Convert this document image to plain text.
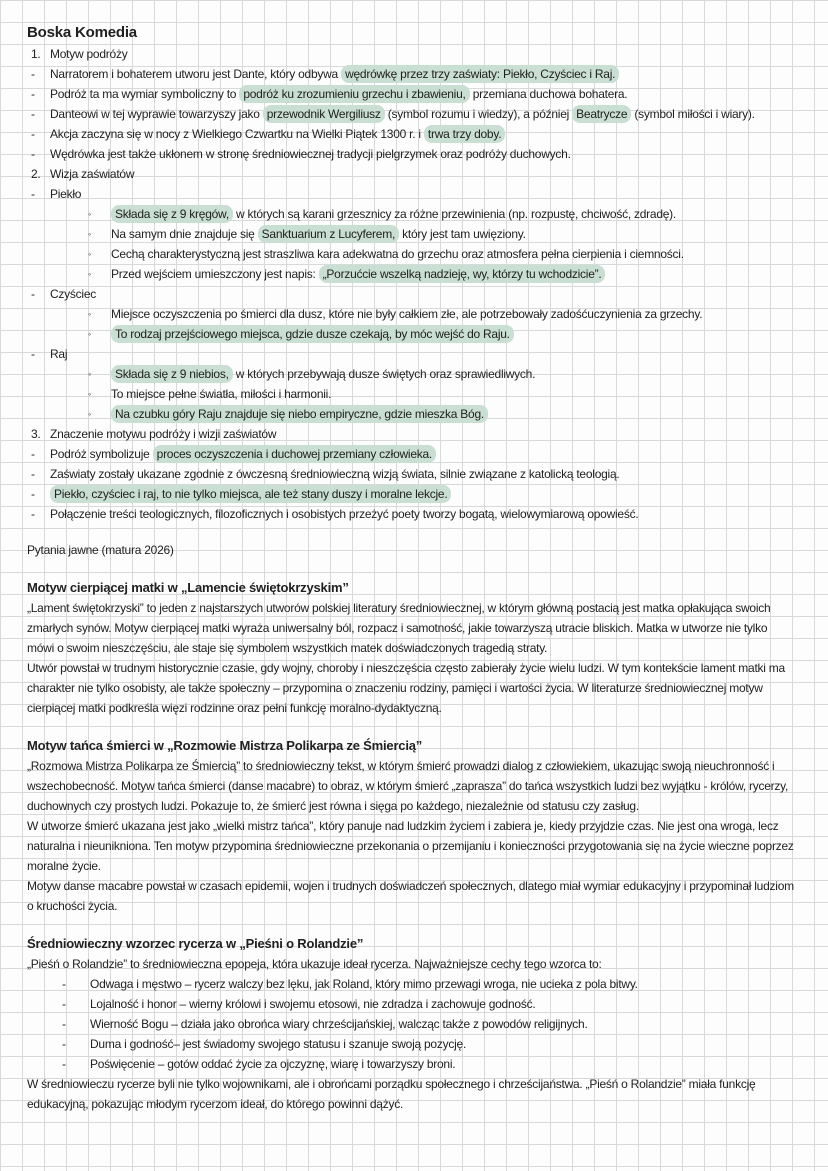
Boska Komedia
1. Motyw podróży
-	Narratorem i bohaterem utworu jest Dante, który odbywa wędrówkę przez trzy zaświaty: Piekło, Czyściec i Raj.
-	Podróż ta ma wymiar symboliczny to podróż ku zrozumieniu grzechu i zbawieniu, przemiana duchowa bohatera.
-	Danteowi w tej wyprawie towarzyszy jako przewodnik Wergiliusz (symbol rozumu i wiedzy), a później Beatrycze (symbol miłości i wiary).
-	Akcja zaczyna się w nocy z Wielkiego Czwartku na Wielki Piątek 1300 r. i trwa trzy doby.
-	Wędrówka jest także ukłonem w stronę średniowiecznej tradycji pielgrzymek oraz podróży duchowych.
2. Wizja zaświatów
-	Piekło
◦	Składa się z 9 kręgów, w których są karani grzesznicy za różne przewinienia (np. rozpustę, chciwość, zdradę).
◦	Na samym dnie znajduje się Sanktuarium z Lucyferem, który jest tam uwięziony.
◦	Cechą charakterystyczną jest straszliwa kara adekwatna do grzechu oraz atmosfera pełna cierpienia i ciemności.
◦	Przed wejściem umieszczony jest napis: „Porzućcie wszelką nadzieję, wy, którzy tu wchodzicie”.
-	Czyściec
◦	Miejsce oczyszczenia po śmierci dla dusz, które nie były całkiem złe, ale potrzebowały zadośćuczynienia za grzechy.
◦	To rodzaj przejściowego miejsca, gdzie dusze czekają, by móc wejść do Raju.
-	Raj
◦	Składa się z 9 niebios, w których przebywają dusze świętych oraz sprawiedliwych.
◦	To miejsce pełne światła, miłości i harmonii.
◦	Na czubku góry Raju znajduje się niebo empiryczne, gdzie mieszka Bóg.
3. Znaczenie motywu podróży i wizji zaświatów
-	Podróż symbolizuje proces oczyszczenia i duchowej przemiany człowieka.
-	Zaświaty zostały ukazane zgodnie z ówczesną średniowieczną wizją świata, silnie związane z katolicką teologią.
-	Piekło, czyściec i raj, to nie tylko miejsca, ale też stany duszy i moralne lekcje.
-	Połączenie treści teologicznych, filozoficznych i osobistych przeżyć poety tworzy bogatą, wielowymiarową opowieść.

Pytania jawne (matura 2026)

Motyw cierpiącej matki w „Lamencie świętokrzyskim”

„Lament świętokrzyski” to jeden z najstarszych utworów polskiej literatury średniowiecznej, w którym główną postacią jest matka opłakująca swoich zmarłych synów. Motyw cierpiącej matki wyraża uniwersalny ból, rozpacz i samotność, jakie towarzyszą utracie bliskich. Matka w utworze nie tylko mówi o swoim nieszczęściu, ale staje się symbolem wszystkich matek doświadczonych tragedią straty.

Utwór powstał w trudnym historycznie czasie, gdy wojny, choroby i nieszczęścia często zabierały życie wielu ludzi. W tym kontekście lament matki ma charakter nie tylko osobisty, ale także społeczny – przypomina o znaczeniu rodziny, pamięci i wartości życia. W literaturze średniowiecznej motyw cierpiącej matki podkreśla więzi rodzinne oraz pełni funkcję moralno-dydaktyczną.

Motyw tańca śmierci w „Rozmowie Mistrza Polikarpa ze Śmiercią”

„Rozmowa Mistrza Polikarpa ze Śmiercią” to średniowieczny tekst, w którym śmierć prowadzi dialog z człowiekiem, ukazując swoją nieuchronność i wszechobecność. Motyw tańca śmierci (danse macabre) to obraz, w którym śmierć „zaprasza” do tańca wszystkich ludzi bez wyjątku - królów, rycerzy, duchownych czy prostych ludzi. Pokazuje to, że śmierć jest równa i sięga po każdego, niezależnie od statusu czy zasług.

W utworze śmierć ukazana jest jako „wielki mistrz tańca”, który panuje nad ludzkim życiem i zabiera je, kiedy przyjdzie czas. Nie jest ona wroga, lecz naturalna i nieunikniona. Ten motyw przypomina średniowieczne przekonania o przemijaniu i konieczności przygotowania się na życie wieczne poprzez moralne życie.

Motyw danse macabre powstał w czasach epidemii, wojen i trudnych doświadczeń społecznych, dlatego miał wymiar edukacyjny i przypominał ludziom o kruchości życia.

Średniowieczny wzorzec rycerza w „Pieśni o Rolandzie”

„Pieśń o Rolandzie” to średniowieczna epopeja, która ukazuje ideał rycerza. Najważniejsze cechy tego wzorca to:

-	Odwaga i męstwo – rycerz walczy bez lęku, jak Roland, który mimo przewagi wroga, nie ucieka z pola bitwy.
-	Lojalność i honor – wierny królowi i swojemu etosowi, nie zdradza i zachowuje godność.
-	Wierność Bogu – działa jako obrońca wiary chrześcijańskiej, walcząc także z powodów religijnych.
-	Duma i godność– jest świadomy swojego statusu i szanuje swoją pozycję.
-	Poświęcenie – gotów oddać życie za ojczyznę, wiarę i towarzyszy broni.

W średniowieczu rycerze byli nie tylko wojownikami, ale i obrońcami porządku społecznego i chrześcijaństwa. „Pieśń o Rolandzie” miała funkcję edukacyjną, pokazując młodym rycerzom ideał, do którego powinni dążyć.
